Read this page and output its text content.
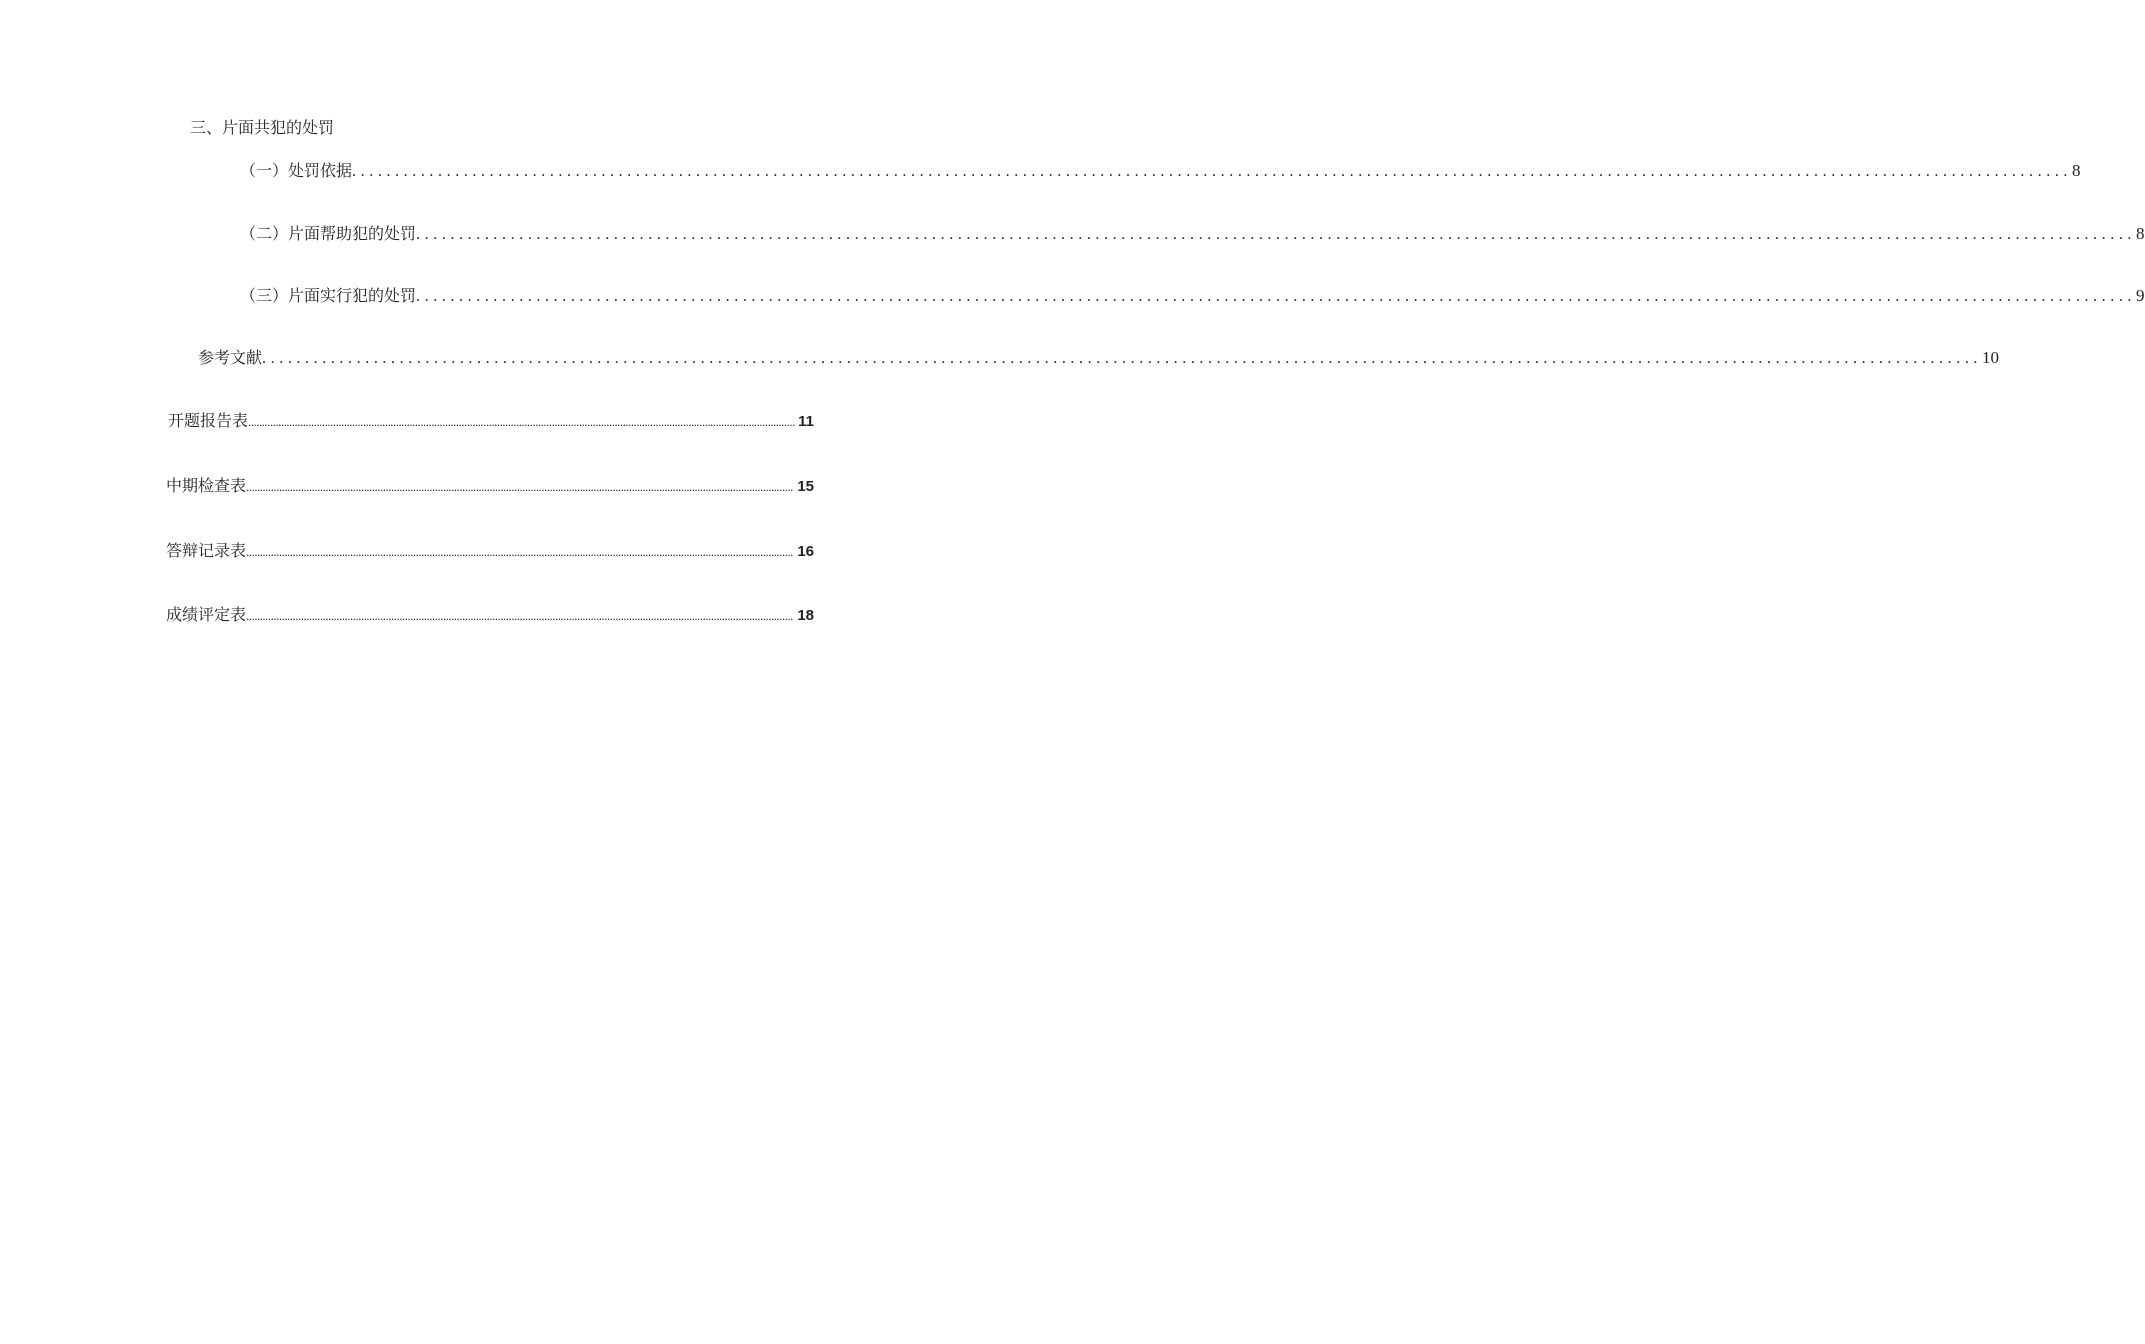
三、片面共犯的处罚
（一）处罚依据 ........................................................................................................................................................................................................ 8
（二）片面帮助犯的处罚 ........................................................................................................................................................................................................ 8
（三）片面实行犯的处罚 ........................................................................................................................................................................................................ 9
参考文献 ........................................................................................................................................................................................................ 10
开题报告表 ........................................................................................................................................................................................................ 11
中期检查表 ........................................................................................................................................................................................................ 15
答辩记录表 ........................................................................................................................................................................................................ 16
成绩评定表 ........................................................................................................................................................................................................ 18
